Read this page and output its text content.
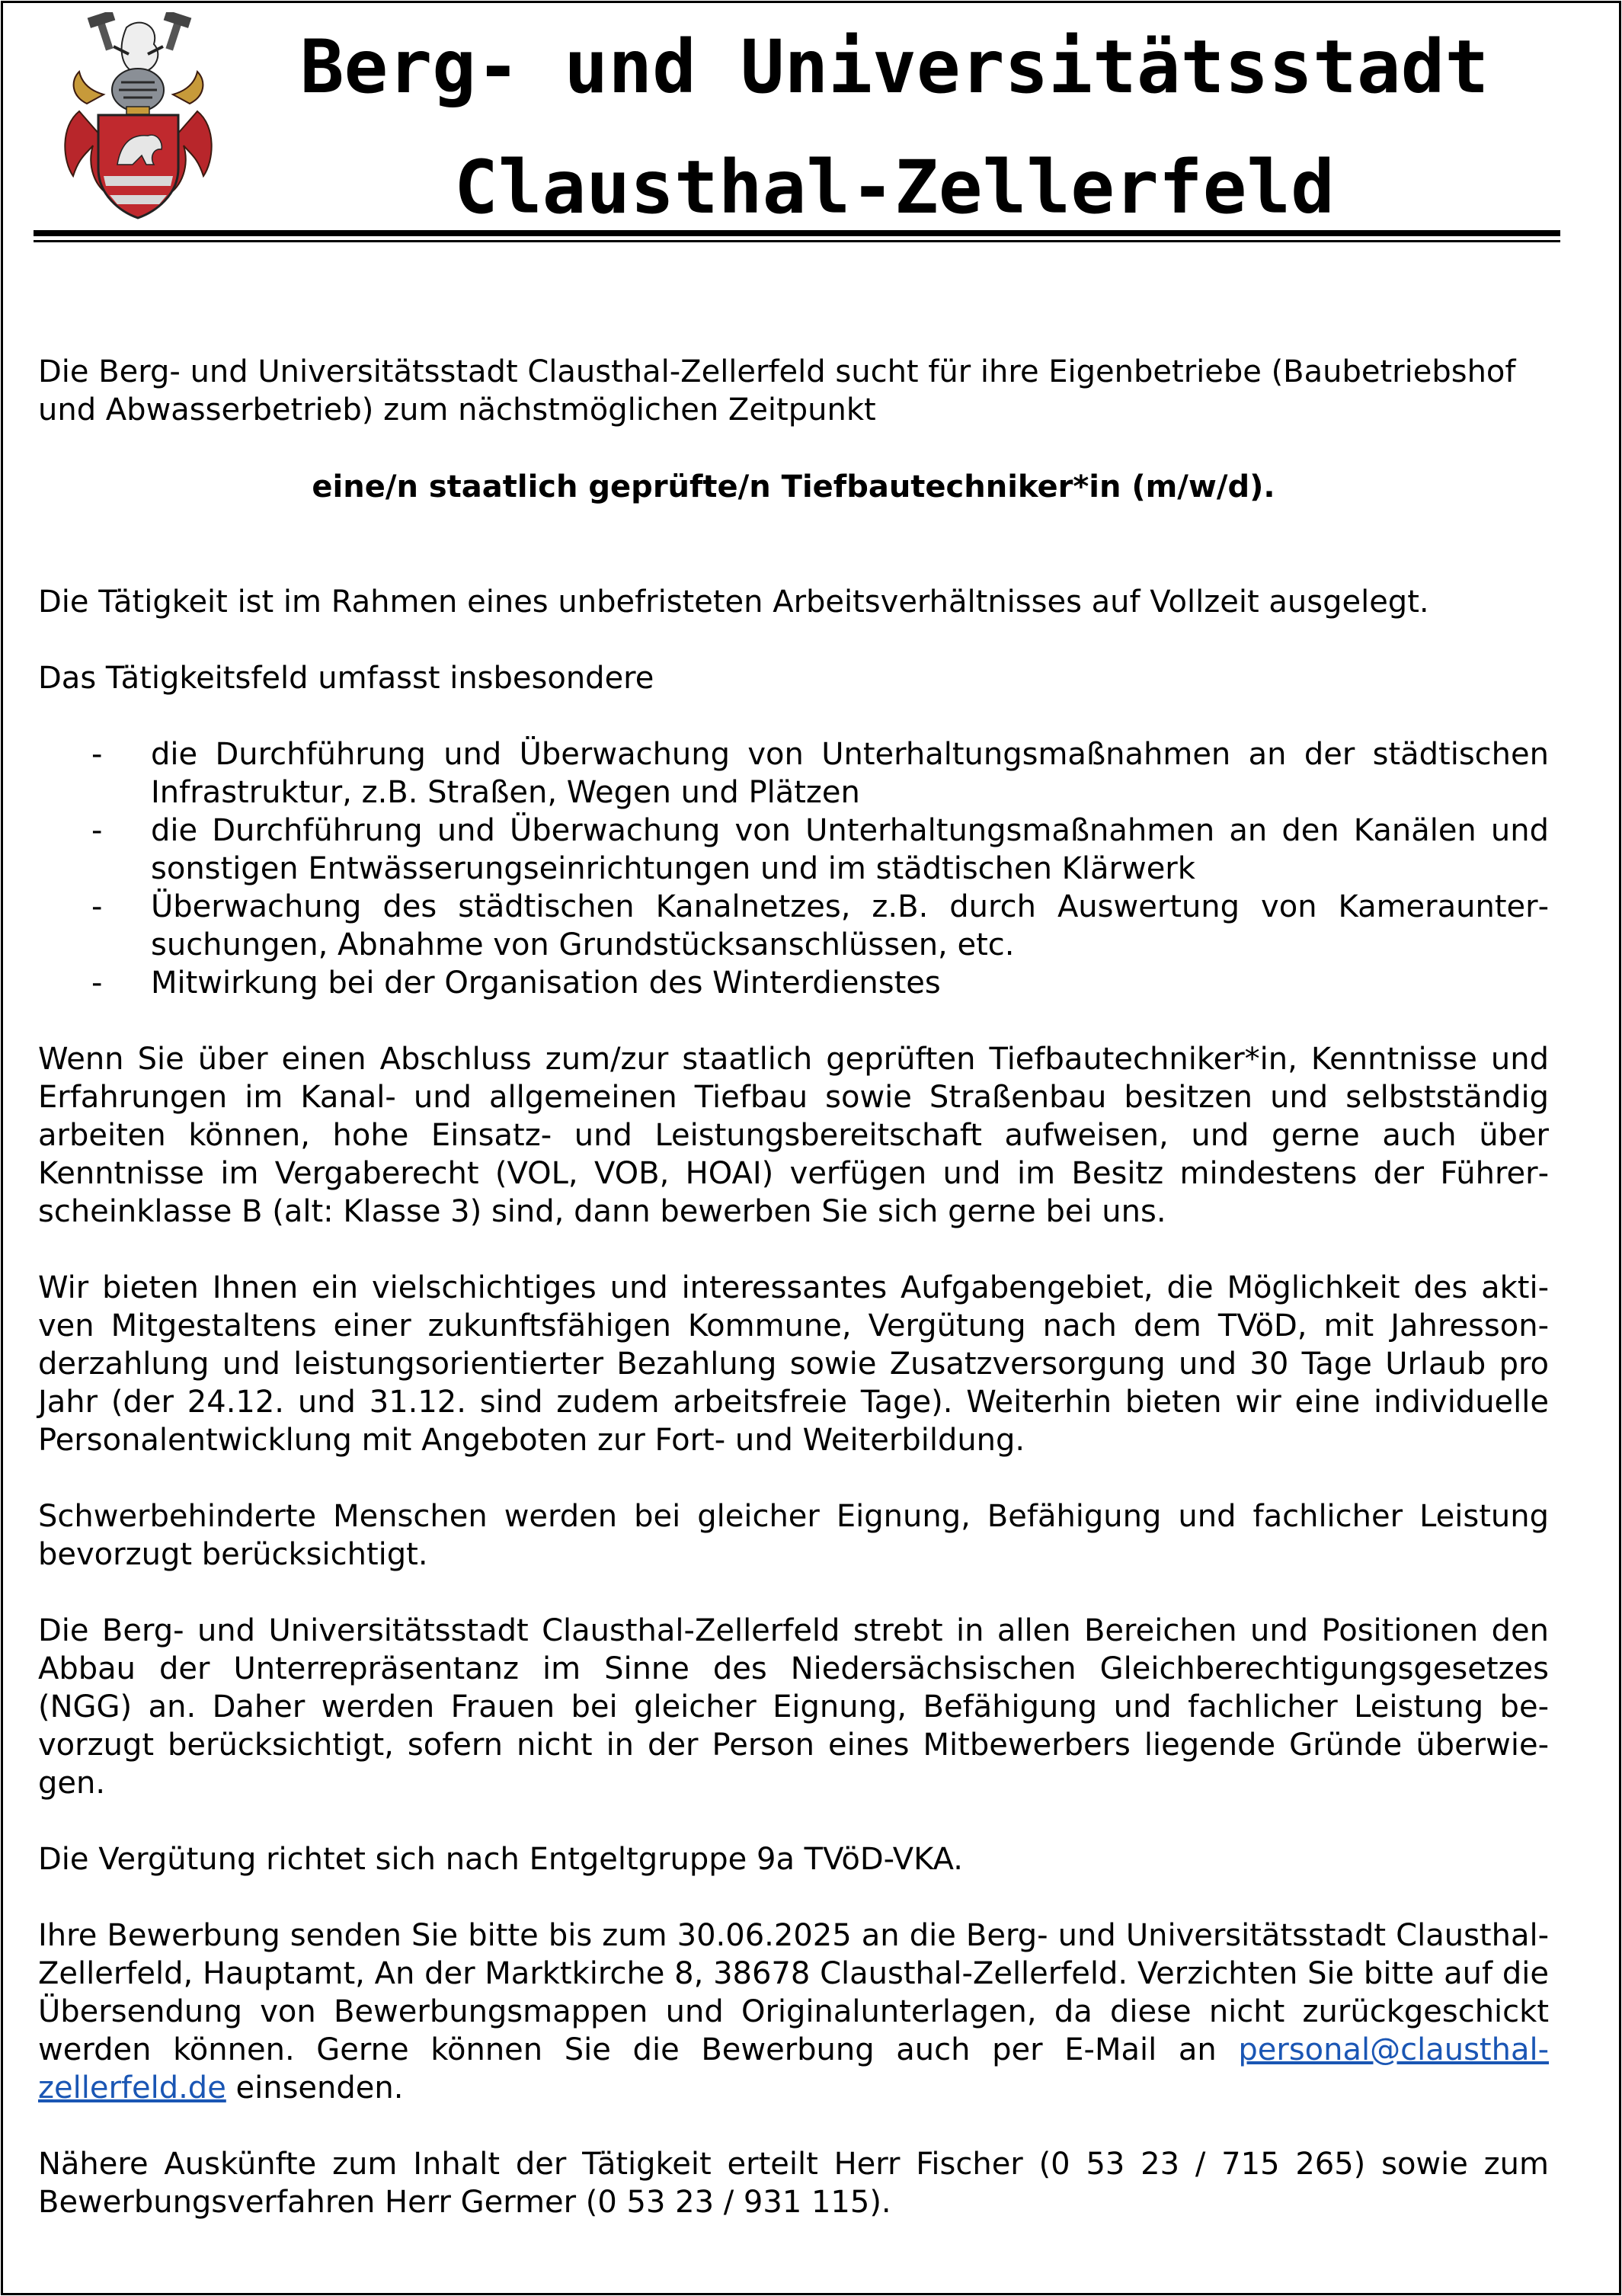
Berg- und Universitätsstadt
Clausthal-Zellerfeld

Die Berg- und Universitätsstadt Clausthal-Zellerfeld sucht für ihre Eigenbetriebe (Baubetriebshof und Abwasserbetrieb) zum nächstmöglichen Zeitpunkt

eine/n staatlich geprüfte/n Tiefbautechniker*in (m/w/d).

Die Tätigkeit ist im Rahmen eines unbefristeten Arbeitsverhältnisses auf Vollzeit ausgelegt.

Das Tätigkeitsfeld umfasst insbesondere

- die Durchführung und Überwachung von Unterhaltungsmaßnahmen an der städtischen Infrastruktur, z.B. Straßen, Wegen und Plätzen
- die Durchführung und Überwachung von Unterhaltungsmaßnahmen an den Kanälen und sonstigen Entwässerungseinrichtungen und im städtischen Klärwerk
- Überwachung des städtischen Kanalnetzes, z.B. durch Auswertung von Kamerauntersuchungen, Abnahme von Grundstücksanschlüssen, etc.
- Mitwirkung bei der Organisation des Winterdienstes

Wenn Sie über einen Abschluss zum/zur staatlich geprüften Tiefbautechniker*in, Kenntnisse und Erfahrungen im Kanal- und allgemeinen Tiefbau sowie Straßenbau besitzen und selbstständig arbeiten können, hohe Einsatz- und Leistungsbereitschaft aufweisen, und gerne auch über Kenntnisse im Vergaberecht (VOL, VOB, HOAI) verfügen und im Besitz mindestens der Führerscheinklasse B (alt: Klasse 3) sind, dann bewerben Sie sich gerne bei uns.

Wir bieten Ihnen ein vielschichtiges und interessantes Aufgabengebiet, die Möglichkeit des aktiven Mitgestaltens einer zukunftsfähigen Kommune, Vergütung nach dem TVöD, mit Jahressonderzahlung und leistungsorientierter Bezahlung sowie Zusatzversorgung und 30 Tage Urlaub pro Jahr (der 24.12. und 31.12. sind zudem arbeitsfreie Tage). Weiterhin bieten wir eine individuelle Personalentwicklung mit Angeboten zur Fort- und Weiterbildung.

Schwerbehinderte Menschen werden bei gleicher Eignung, Befähigung und fachlicher Leistung bevorzugt berücksichtigt.

Die Berg- und Universitätsstadt Clausthal-Zellerfeld strebt in allen Bereichen und Positionen den Abbau der Unterrepräsentanz im Sinne des Niedersächsischen Gleichberechtigungsgesetzes (NGG) an. Daher werden Frauen bei gleicher Eignung, Befähigung und fachlicher Leistung bevorzugt berücksichtigt, sofern nicht in der Person eines Mitbewerbers liegende Gründe überwiegen.

Die Vergütung richtet sich nach Entgeltgruppe 9a TVöD-VKA.

Ihre Bewerbung senden Sie bitte bis zum 30.06.2025 an die Berg- und Universitätsstadt Clausthal-Zellerfeld, Hauptamt, An der Marktkirche 8, 38678 Clausthal-Zellerfeld. Verzichten Sie bitte auf die Übersendung von Bewerbungsmappen und Originalunterlagen, da diese nicht zurückgeschickt werden können. Gerne können Sie die Bewerbung auch per E-Mail an personal@clausthal-zellerfeld.de einsenden.

Nähere Auskünfte zum Inhalt der Tätigkeit erteilt Herr Fischer (0 53 23 / 715 265) sowie zum Bewerbungsverfahren Herr Germer (0 53 23 / 931 115).
